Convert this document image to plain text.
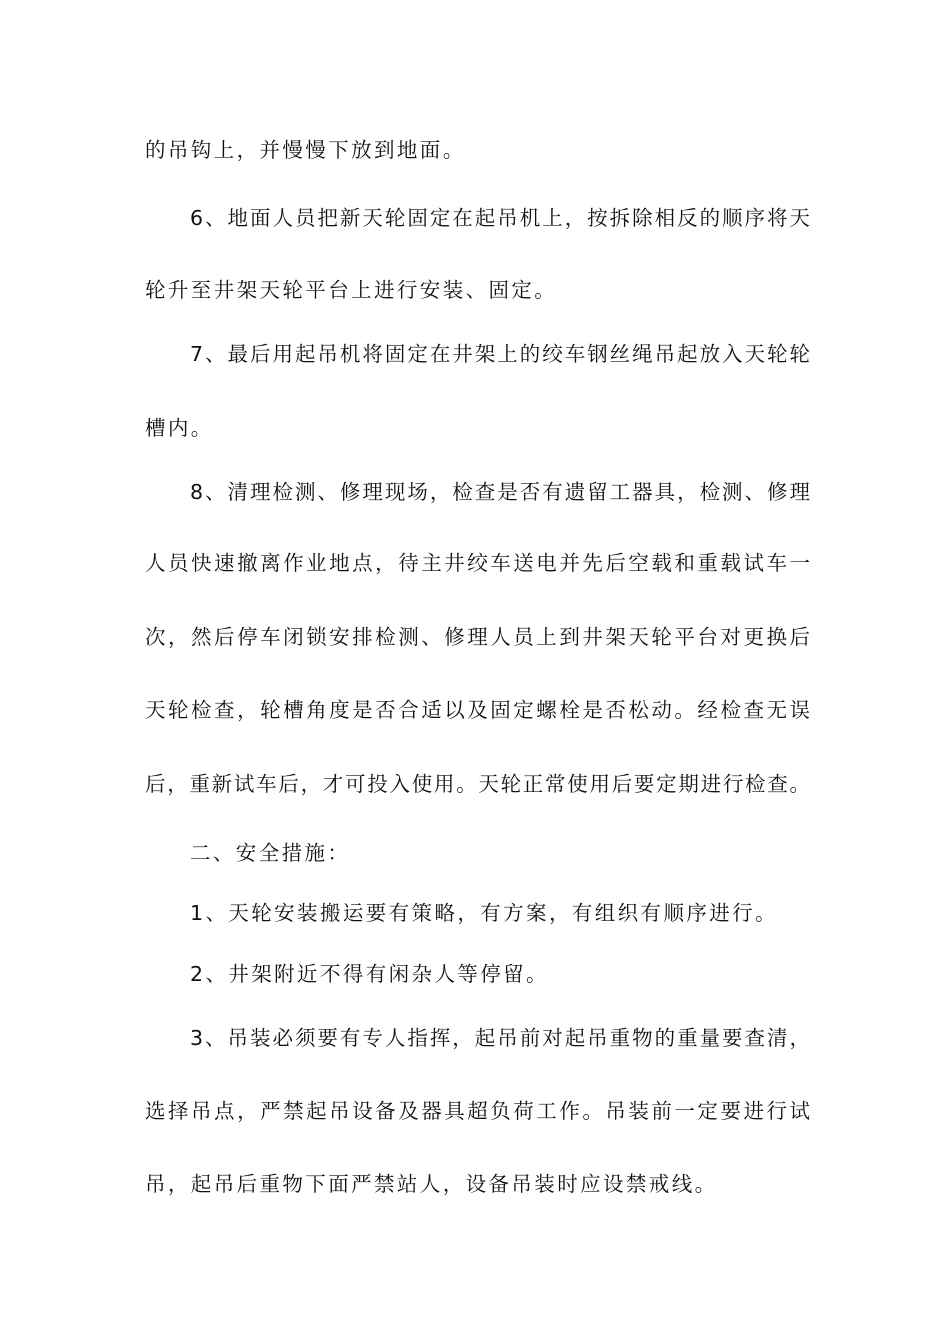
的吊钩上，并慢慢下放到地面。
6、地面人员把新天轮固定在起吊机上，按拆除相反的顺序将天
轮升至井架天轮平台上进行安装、固定。
7、最后用起吊机将固定在井架上的绞车钢丝绳吊起放入天轮轮
槽内。
8、清理检测、修理现场，检查是否有遗留工器具，检测、修理
人员快速撤离作业地点，待主井绞车送电并先后空载和重载试车一
次，然后停车闭锁安排检测、修理人员上到井架天轮平台对更换后
天轮检查，轮槽角度是否合适以及固定螺栓是否松动。经检查无误
后，重新试车后，才可投入使用。天轮正常使用后要定期进行检查。
二、安全措施：
1、天轮安装搬运要有策略，有方案，有组织有顺序进行。
2、井架附近不得有闲杂人等停留。
3、吊装必须要有专人指挥，起吊前对起吊重物的重量要查清，
选择吊点，严禁起吊设备及器具超负荷工作。吊装前一定要进行试
吊，起吊后重物下面严禁站人，设备吊装时应设禁戒线。
